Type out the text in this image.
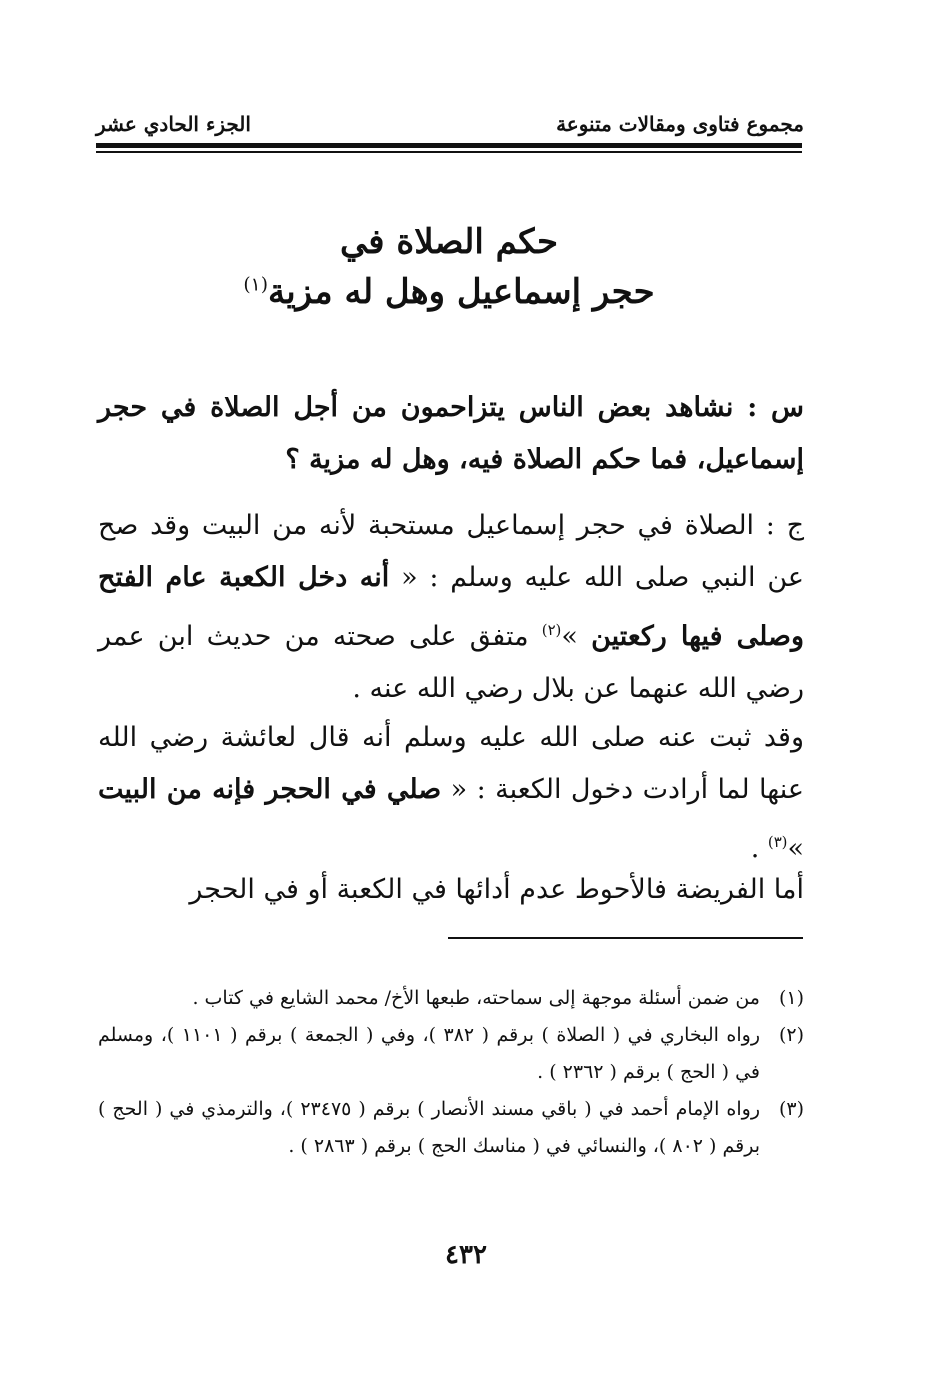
مجموع فتاوى ومقالات متنوعة
الجزء الحادي عشر
حكم الصلاة في
حجر إسماعيل وهل له مزية$^{(١)}$
س : نشاهد بعض الناس يتزاحمون من أجل الصلاة في حجر إسماعيل، فما حكم الصلاة فيه، وهل له مزية ؟
ج : الصلاة في حجر إسماعيل مستحبة لأنه من البيت وقد صح عن النبي صلى الله عليه وسلم : « أنه دخل الكعبة عام الفتح وصلى فيها ركعتين »$^{(٢)}$ متفق على صحته من حديث ابن عمر رضي الله عنهما عن بلال رضي الله عنه .
وقد ثبت عنه صلى الله عليه وسلم أنه قال لعائشة رضي الله عنها لما أرادت دخول الكعبة : « صلي في الحجر فإنه من البيت »$^{(٣)}$ .
أما الفريضة فالأحوط عدم أدائها في الكعبة أو في الحجر
(١)
من ضمن أسئلة موجهة إلى سماحته، طبعها الأخ/ محمد الشايع في كتاب .
(٢)
رواه البخاري في ( الصلاة ) برقم ( ٣٨٢ )، وفي ( الجمعة ) برقم ( ١١٠١ )، ومسلم في ( الحج ) برقم ( ٢٣٦٢ ) .
(٣)
رواه الإمام أحمد في ( باقي مسند الأنصار ) برقم ( ٢٣٤٧٥ )، والترمذي في ( الحج ) برقم ( ٨٠٢ )، والنسائي في ( مناسك الحج ) برقم ( ٢٨٦٣ ) .
٤٣٢
